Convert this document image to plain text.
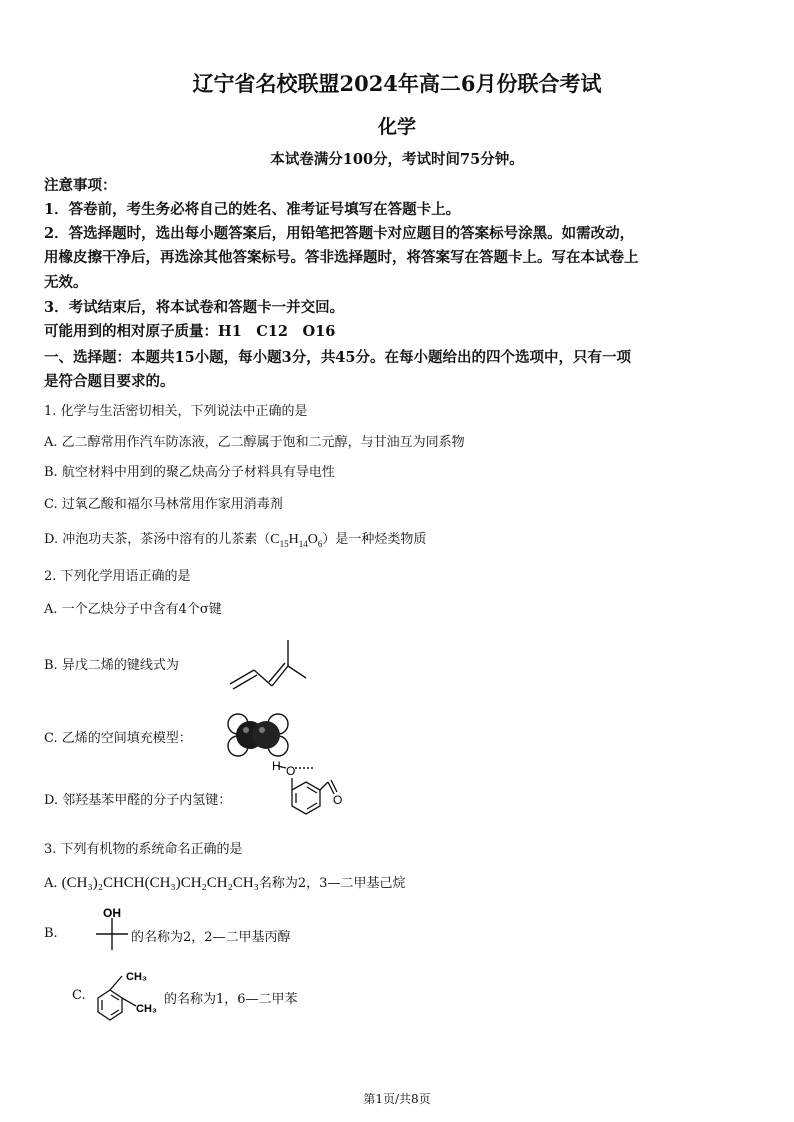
辽宁省名校联盟2024年高二6月份联合考试
化学
本试卷满分100分，考试时间75分钟。
注意事项：
1．答卷前，考生务必将自己的姓名、准考证号填写在答题卡上。
2．答选择题时，选出每小题答案后，用铅笔把答题卡对应题目的答案标号涂黑。如需改动，
用橡皮擦干净后，再选涂其他答案标号。答非选择题时，将答案写在答题卡上。写在本试卷上
无效。
3．考试结束后，将本试卷和答题卡一并交回。
可能用到的相对原子质量：H1　C12　O16
一、选择题：本题共15小题，每小题3分，共45分。在每小题给出的四个选项中，只有一项
是符合题目要求的。
1. 化学与生活密切相关，下列说法中正确的是
A. 乙二醇常用作汽车防冻液，乙二醇属于饱和二元醇，与甘油互为同系物
B. 航空材料中用到的聚乙炔高分子材料具有导电性
C. 过氧乙酸和福尔马林常用作家用消毒剂
D. 冲泡功夫茶，茶汤中溶有的儿茶素$(C_{15}H_{14}O_6)$是一种烃类物质
2. 下列化学用语正确的是
A. 一个乙炔分子中含有4个σ键
B. 异戊二烯的键线式为
C. 乙烯的空间填充模型：
D. 邻羟基苯甲醛的分子内氢键：
H O
O
3. 下列有机物的系统命名正确的是
A. (CH₃)₂CHCH(CH₃)CH₂CH₂CH₃名称为2，3—二甲基己烷
B.
OH
的名称为2，2—二甲基丙醇
C.
CH₃
CH₃
的名称为1，6—二甲苯
第1页/共8页
